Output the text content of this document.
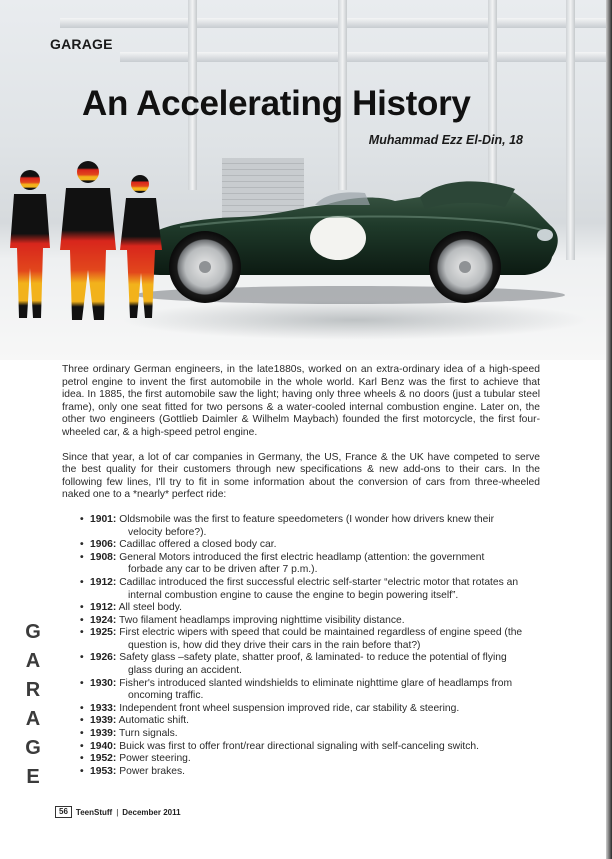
GARAGE
An Accelerating History
Muhammad Ezz El-Din, 18

Three ordinary German engineers, in the late1880s, worked on an extra-ordinary idea of a high-speed petrol engine to invent the first automobile in the whole world. Karl Benz was the first to achieve that idea. In 1885, the first automobile saw the light; having only three wheels & no doors (just a tubular steel frame), only one seat fitted for two persons & a water-cooled internal combustion engine. Later on, the other two engineers (Gottlieb Daimler & Wilhelm Maybach) founded the first motorcycle, the first four-wheeled car, & a high-speed petrol engine.

Since that year, a lot of car companies in Germany, the US, France & the UK have competed to serve the best quality for their customers through new specifications & new add-ons to their cars. In the following few lines, I'll try to fit in some information about the conversion of cars from three-wheeled naked one to a *nearly* perfect ride:

• 1901: Oldsmobile was the first to feature speedometers (I wonder how drivers knew their
velocity before?).
• 1906: Cadillac offered a closed body car.
• 1908: General Motors introduced the first electric headlamp (attention: the government
forbade any car to be driven after 7 p.m.).
• 1912: Cadillac introduced the first successful electric self-starter “electric motor that rotates an
internal combustion engine to cause the engine to begin powering itself”.
• 1912: All steel body.
• 1924: Two filament headlamps improving nighttime visibility distance.
• 1925: First electric wipers with speed that could be maintained regardless of engine speed (the
question is, how did they drive their cars in the rain before that?)
• 1926: Safety glass –safety plate, shatter proof, & laminated- to reduce the potential of flying
glass during an accident.
• 1930: Fisher's introduced slanted windshields to eliminate nighttime glare of headlamps from
oncoming traffic.
• 1933: Independent front wheel suspension improved ride, car stability & steering.
• 1939: Automatic shift.
• 1939: Turn signals.
• 1940: Buick was first to offer front/rear directional signaling with self-canceling switch.
• 1952: Power steering.
• 1953: Power brakes.
G
A
R
A
G
E
56	TeenStuff | December 2011
